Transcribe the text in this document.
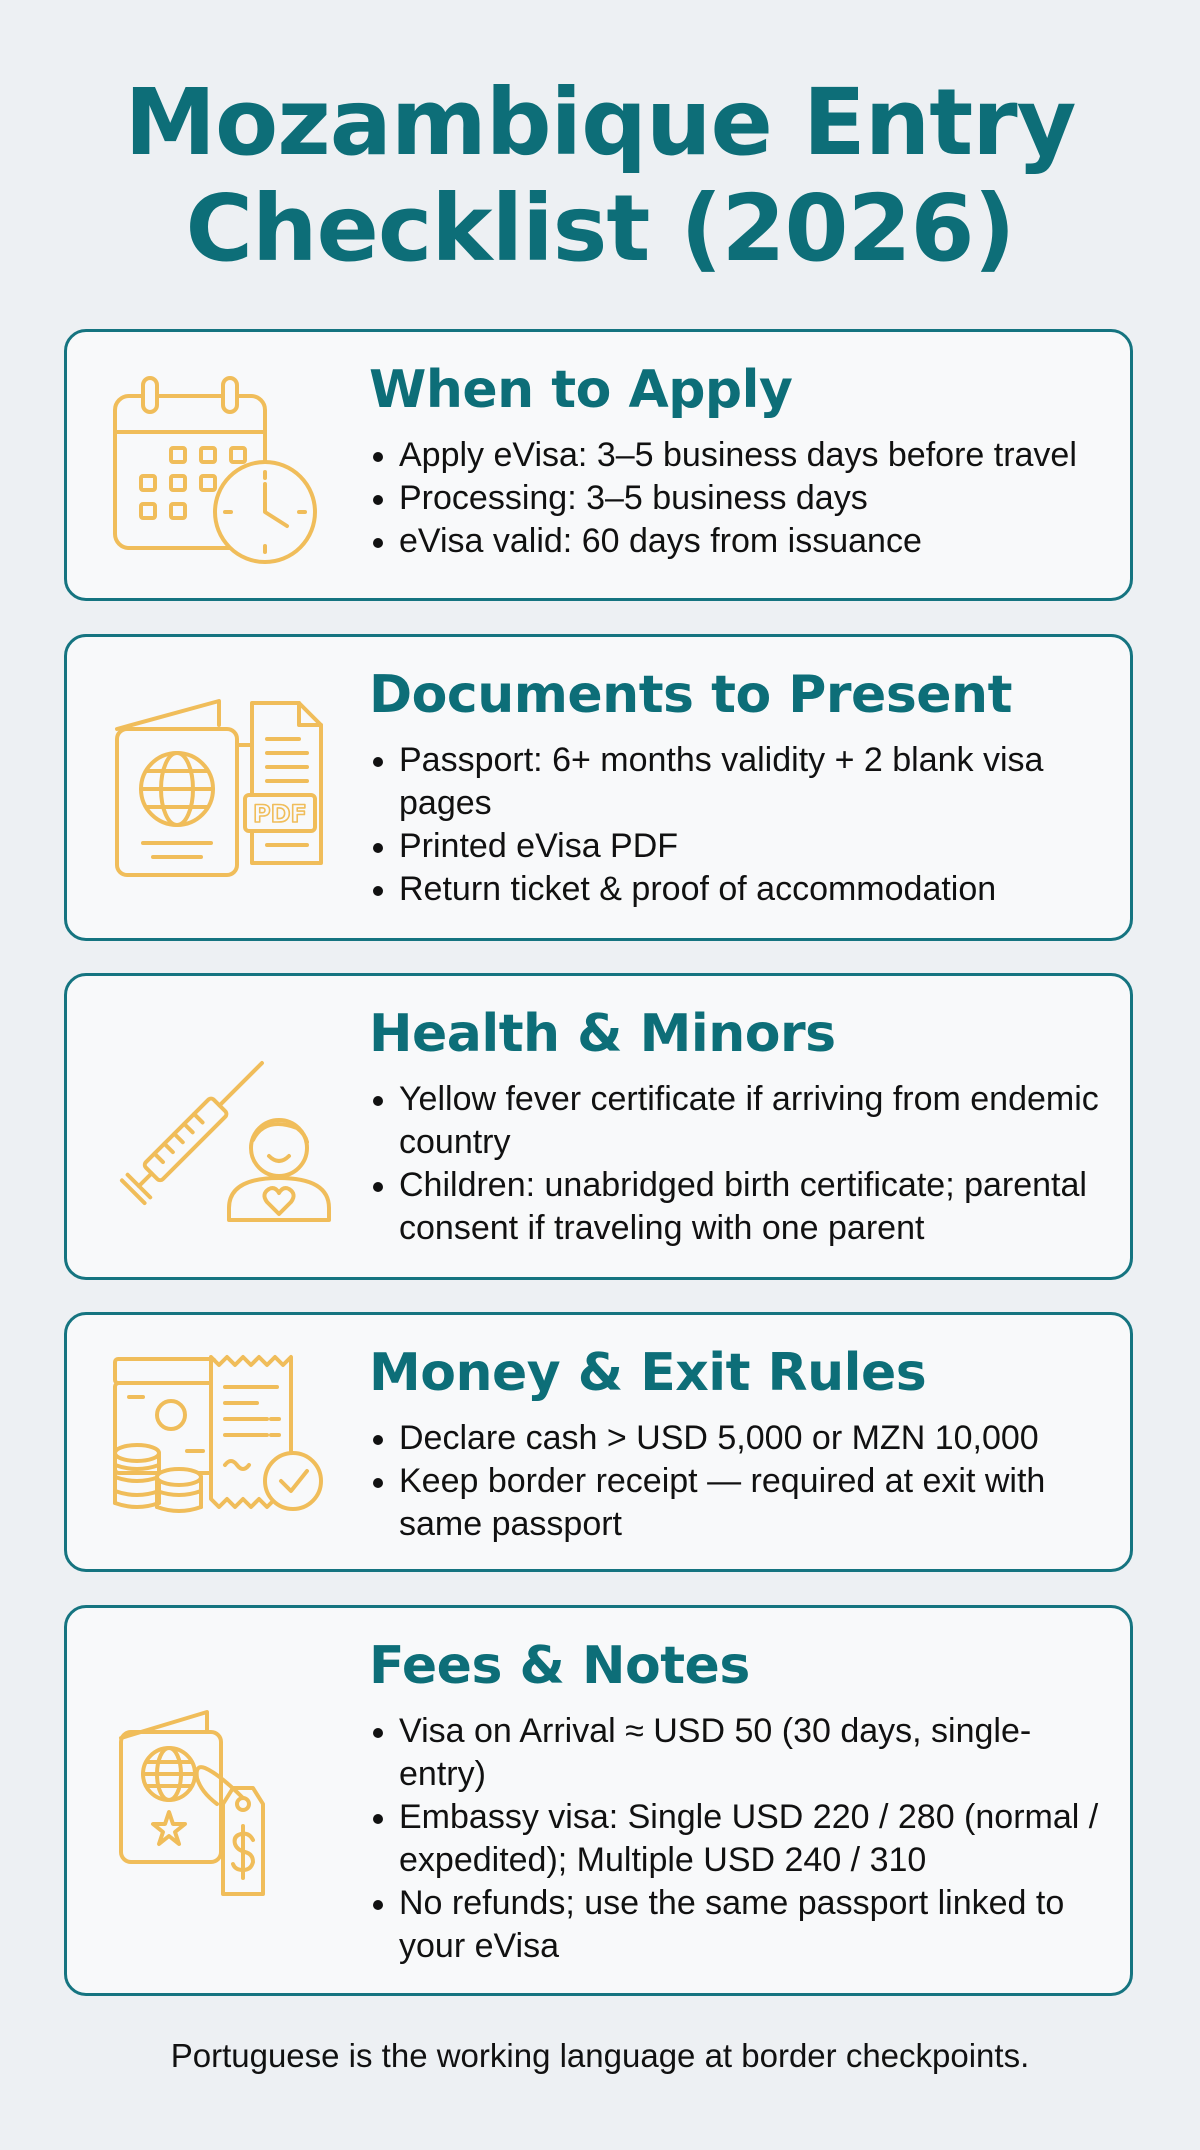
Mozambique Entry
Checklist (2026)
When to Apply
Apply eVisa: 3–5 business days before travel
Processing: 3–5 business days
eVisa valid: 60 days from issuance
PDF
Documents to Present
Passport: 6+ months validity + 2 blank visa pages
Printed eVisa PDF
Return ticket & proof of accommodation
Health & Minors
Yellow fever certificate if arriving from endemic country
Children: unabridged birth certificate; parental consent if traveling with one parent
Money & Exit Rules
Declare cash > USD 5,000 or MZN 10,000
Keep border receipt — required at exit with same passport
Fees & Notes
Visa on Arrival ≈ USD 50 (30 days, single-entry)
Embassy visa: Single USD 220 / 280 (normal / expedited); Multiple USD 240 / 310
No refunds; use the same passport linked to your eVisa

Portuguese is the working language at border checkpoints.
